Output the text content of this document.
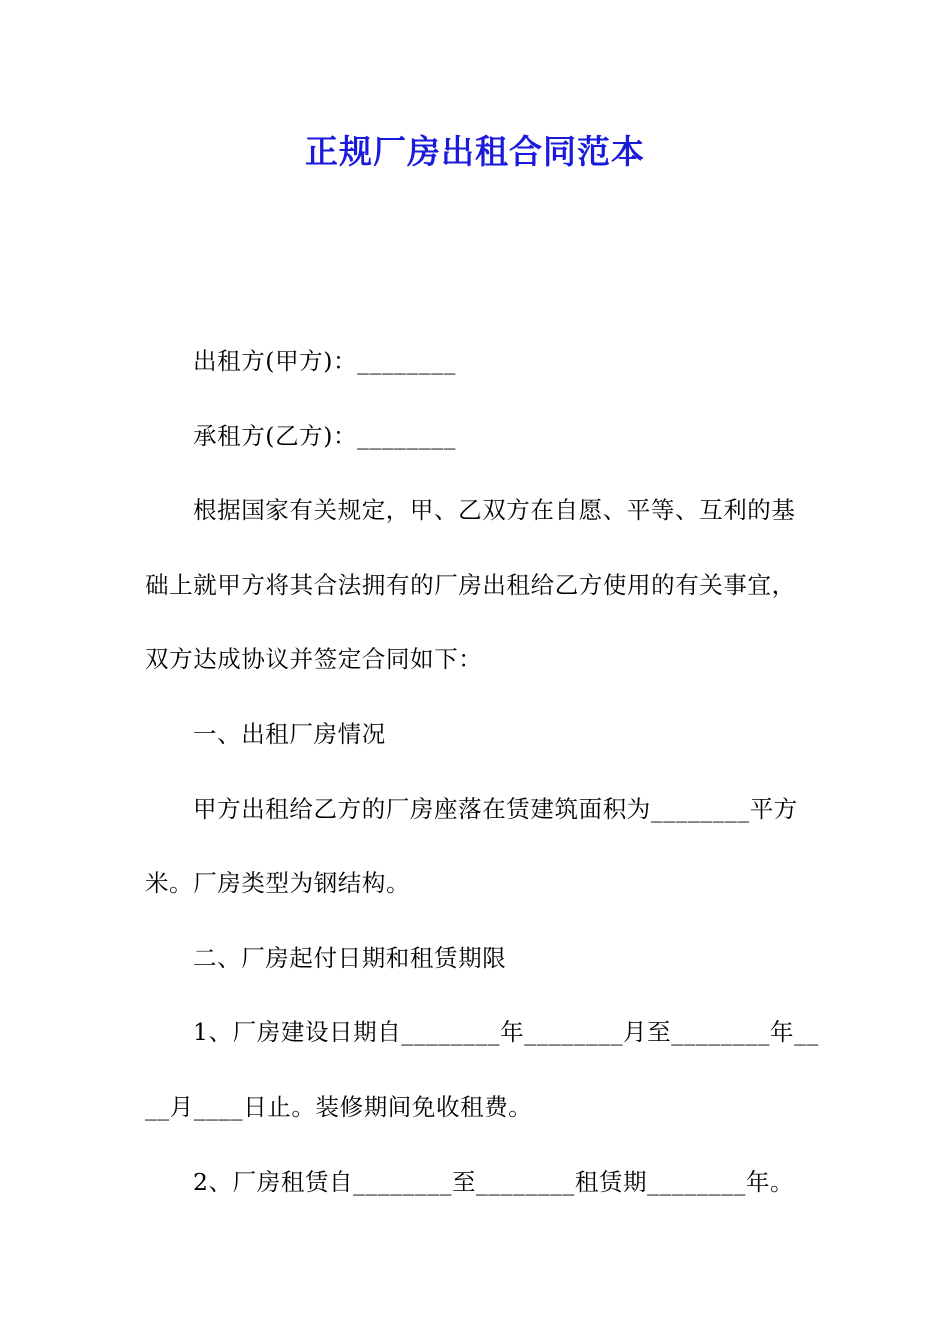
正规厂房出租合同范本
出租方(甲方)：________
承租方(乙方)：________
根据国家有关规定，甲、乙双方在自愿、平等、互利的基
础上就甲方将其合法拥有的厂房出租给乙方使用的有关事宜，
双方达成协议并签定合同如下：
一、出租厂房情况
甲方出租给乙方的厂房座落在赁建筑面积为________平方
米。厂房类型为钢结构。
二、厂房起付日期和租赁期限
1、厂房建设日期自________年________月至________年__
__月____日止。装修期间免收租费。
2、厂房租赁自________至________租赁期________年。
